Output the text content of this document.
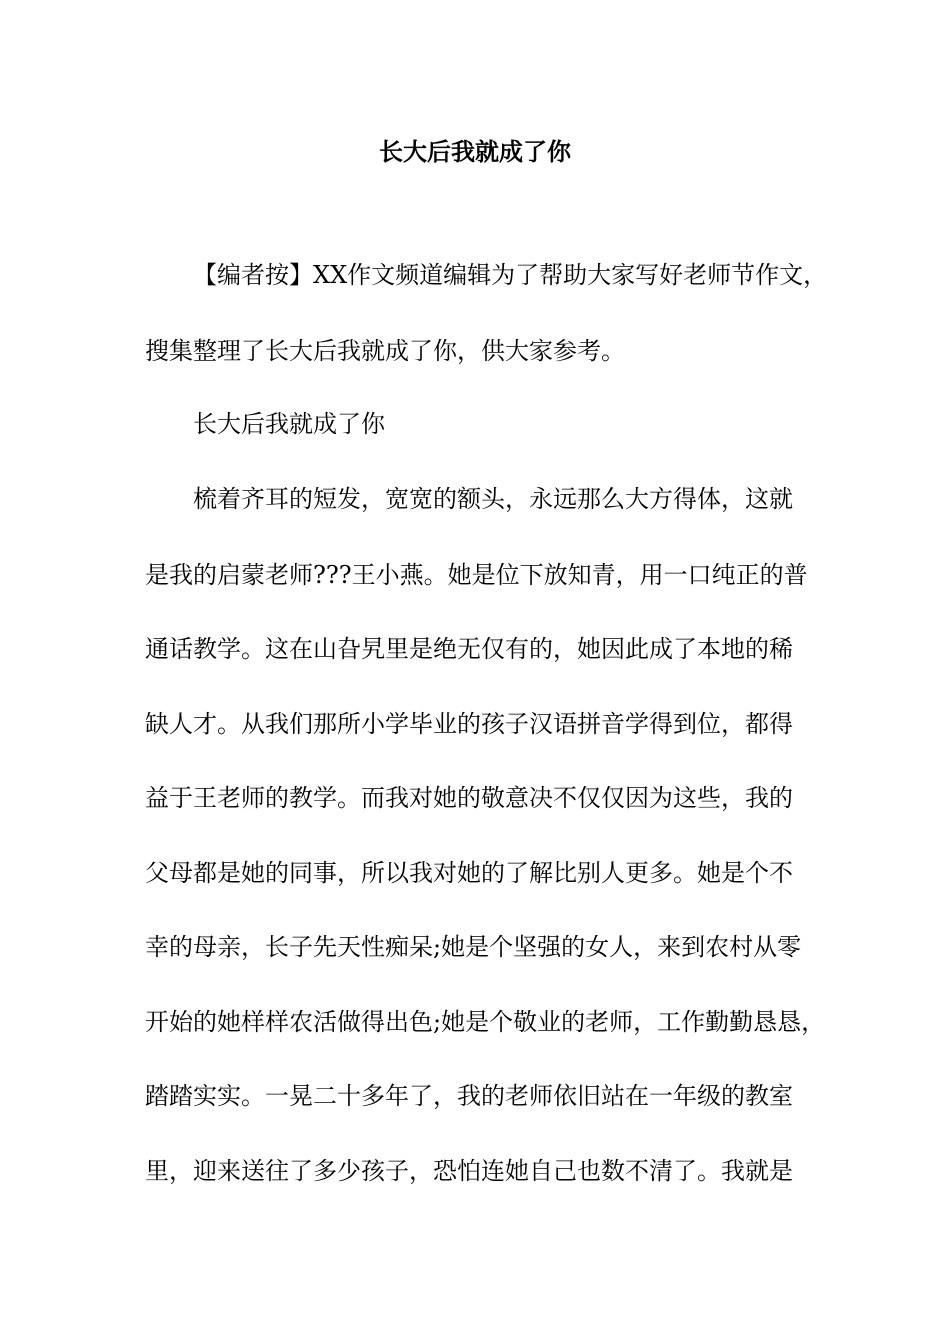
长大后我就成了你
【编者按】XX作文频道编辑为了帮助大家写好老师节作文，
搜集整理了长大后我就成了你，供大家参考。
长大后我就成了你
梳着齐耳的短发，宽宽的额头，永远那么大方得体，这就
是我的启蒙老师???王小燕。她是位下放知青，用一口纯正的普
通话教学。这在山旮旯里是绝无仅有的，她因此成了本地的稀
缺人才。从我们那所小学毕业的孩子汉语拼音学得到位，都得
益于王老师的教学。而我对她的敬意决不仅仅因为这些，我的
父母都是她的同事，所以我对她的了解比别人更多。她是个不
幸的母亲，长子先天性痴呆;她是个坚强的女人，来到农村从零
开始的她样样农活做得出色;她是个敬业的老师，工作勤勤恳恳，
踏踏实实。一晃二十多年了，我的老师依旧站在一年级的教室
里，迎来送往了多少孩子，恐怕连她自己也数不清了。我就是
